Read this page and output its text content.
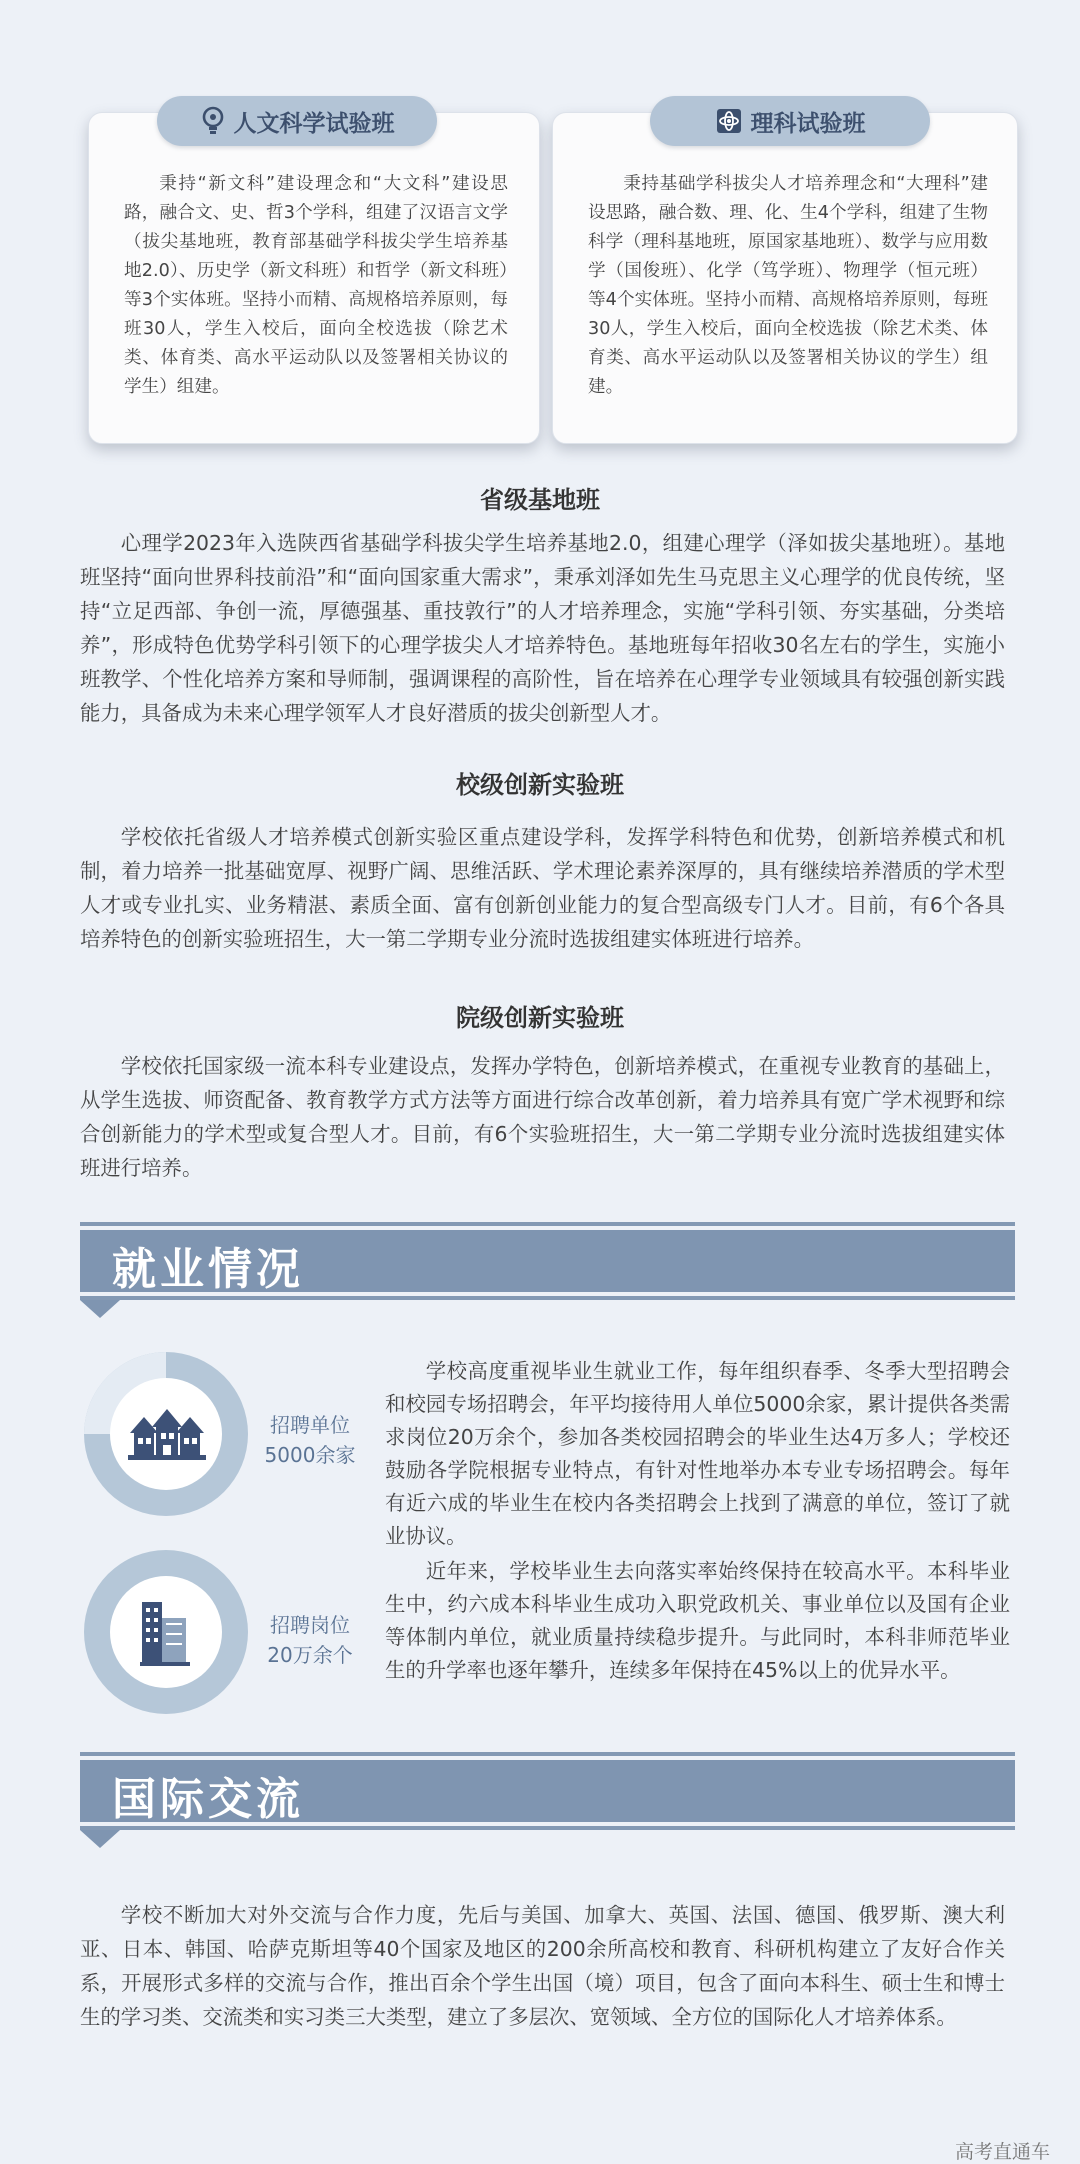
人文科学试验班
秉持“新文科”建设理念和“大文科”建设思路，融合文、史、哲3个学科，组建了汉语言文学（拔尖基地班，教育部基础学科拔尖学生培养基地2.0）、历史学（新文科班）和哲学（新文科班）等3个实体班。坚持小而精、高规格培养原则，每班30人，学生入校后，面向全校选拔（除艺术类、体育类、高水平运动队以及签署相关协议的学生）组建。
理科试验班
秉持基础学科拔尖人才培养理念和“大理科”建设思路，融合数、理、化、生4个学科，组建了生物科学（理科基地班，原国家基地班）、数学与应用数学（国俊班）、化学（笃学班）、物理学（恒元班）等4个实体班。坚持小而精、高规格培养原则，每班30人，学生入校后，面向全校选拔（除艺术类、体育类、高水平运动队以及签署相关协议的学生）组建。
省级基地班
心理学2023年入选陕西省基础学科拔尖学生培养基地2.0，组建心理学（泽如拔尖基地班）。基地班坚持“面向世界科技前沿”和“面向国家重大需求”，秉承刘泽如先生马克思主义心理学的优良传统，坚持“立足西部、争创一流，厚德强基、重技敦行”的人才培养理念，实施“学科引领、夯实基础，分类培养”，形成特色优势学科引领下的心理学拔尖人才培养特色。基地班每年招收30名左右的学生，实施小班教学、个性化培养方案和导师制，强调课程的高阶性，旨在培养在心理学专业领域具有较强创新实践能力，具备成为未来心理学领军人才良好潜质的拔尖创新型人才。
校级创新实验班
学校依托省级人才培养模式创新实验区重点建设学科，发挥学科特色和优势，创新培养模式和机制，着力培养一批基础宽厚、视野广阔、思维活跃、学术理论素养深厚的，具有继续培养潜质的学术型人才或专业扎实、业务精湛、素质全面、富有创新创业能力的复合型高级专门人才。目前，有6个各具培养特色的创新实验班招生，大一第二学期专业分流时选拔组建实体班进行培养。
院级创新实验班
学校依托国家级一流本科专业建设点，发挥办学特色，创新培养模式，在重视专业教育的基础上，从学生选拔、师资配备、教育教学方式方法等方面进行综合改革创新，着力培养具有宽广学术视野和综合创新能力的学术型或复合型人才。目前，有6个实验班招生，大一第二学期专业分流时选拔组建实体班进行培养。
就业情况
招聘单位
5000余家
招聘岗位
20万余个
学校高度重视毕业生就业工作，每年组织春季、冬季大型招聘会和校园专场招聘会，年平均接待用人单位5000余家，累计提供各类需求岗位20万余个，参加各类校园招聘会的毕业生达4万多人；学校还鼓励各学院根据专业特点，有针对性地举办本专业专场招聘会。每年有近六成的毕业生在校内各类招聘会上找到了满意的单位，签订了就业协议。
近年来，学校毕业生去向落实率始终保持在较高水平。本科毕业生中，约六成本科毕业生成功入职党政机关、事业单位以及国有企业等体制内单位，就业质量持续稳步提升。与此同时，本科非师范毕业生的升学率也逐年攀升，连续多年保持在45%以上的优异水平。
国际交流
学校不断加大对外交流与合作力度，先后与美国、加拿大、英国、法国、德国、俄罗斯、澳大利亚、日本、韩国、哈萨克斯坦等40个国家及地区的200余所高校和教育、科研机构建立了友好合作关系，开展形式多样的交流与合作，推出百余个学生出国（境）项目，包含了面向本科生、硕士生和博士生的学习类、交流类和实习类三大类型，建立了多层次、宽领域、全方位的国际化人才培养体系。
高考直通车
